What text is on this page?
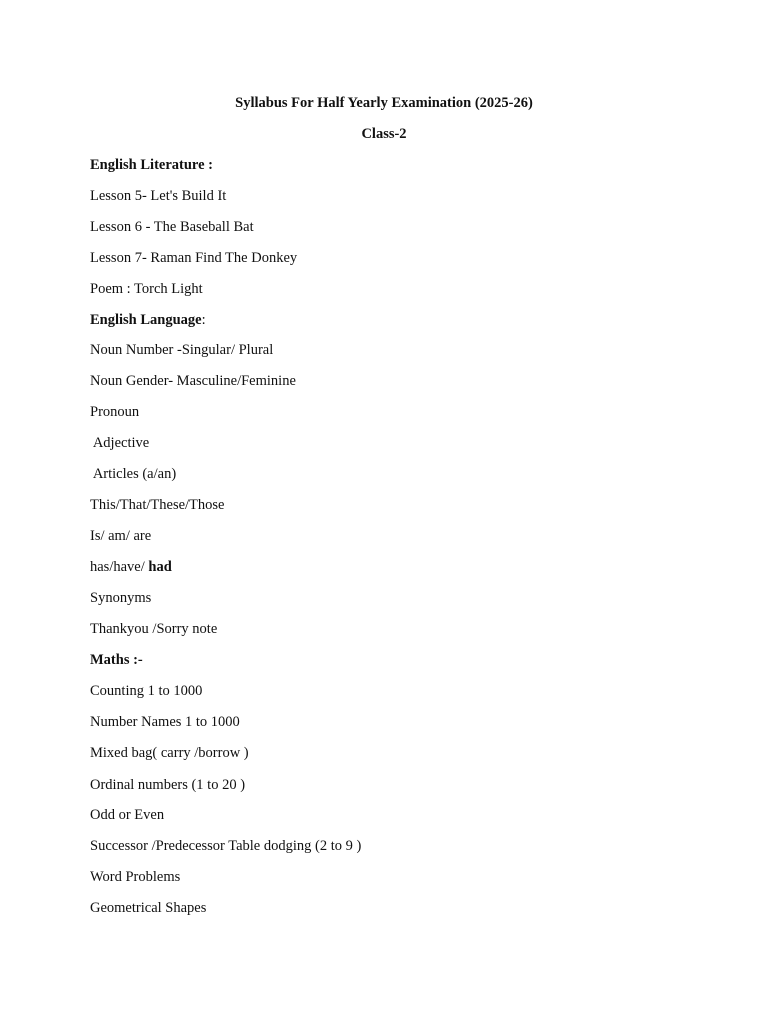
Syllabus For Half Yearly Examination (2025-26)
Class-2
English Literature :
Lesson 5- Let's Build It
Lesson 6 - The Baseball Bat
Lesson 7- Raman Find The Donkey
Poem : Torch Light
English Language:
Noun Number -Singular/ Plural
Noun Gender- Masculine/Feminine
Pronoun
Adjective
Articles (a/an)
This/That/These/Those
Is/ am/ are
has/have/ had
Synonyms
Thankyou /Sorry note
Maths :-
Counting 1 to 1000
Number Names 1 to 1000
Mixed bag( carry /borrow )
Ordinal numbers (1 to 20 )
Odd or Even
Successor /Predecessor Table dodging (2 to 9 )
Word Problems
Geometrical Shapes
